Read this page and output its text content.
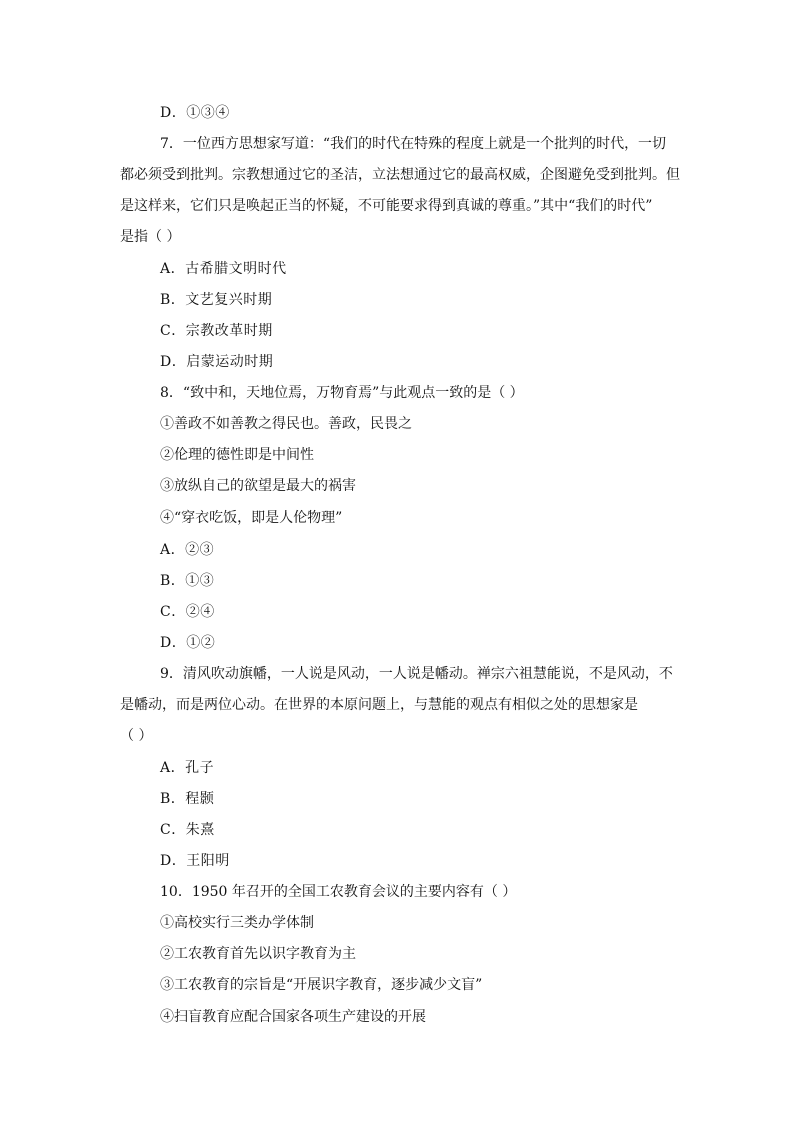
D．①③④
7．一位西方思想家写道：“我们的时代在特殊的程度上就是一个批判的时代，一切
都必须受到批判。宗教想通过它的圣洁，立法想通过它的最高权威，企图避免受到批判。但
是这样来，它们只是唤起正当的怀疑，不可能要求得到真诚的尊重。”其中“我们的时代”
是指（ ）
A．古希腊文明时代
B．文艺复兴时期
C．宗教改革时期
D．启蒙运动时期
8．“致中和，天地位焉，万物育焉”与此观点一致的是（ ）
①善政不如善教之得民也。善政，民畏之
②伦理的德性即是中间性
③放纵自己的欲望是最大的祸害
④“穿衣吃饭，即是人伦物理”
A．②③
B．①③
C．②④
D．①②
9．清风吹动旗幡，一人说是风动，一人说是幡动。禅宗六祖慧能说，不是风动，不
是幡动，而是两位心动。在世界的本原问题上，与慧能的观点有相似之处的思想家是
（ ）
A．孔子
B．程颢
C．朱熹
D．王阳明
10．1950 年召开的全国工农教育会议的主要内容有（ ）
①高校实行三类办学体制
②工农教育首先以识字教育为主
③工农教育的宗旨是“开展识字教育，逐步减少文盲”
④扫盲教育应配合国家各项生产建设的开展
